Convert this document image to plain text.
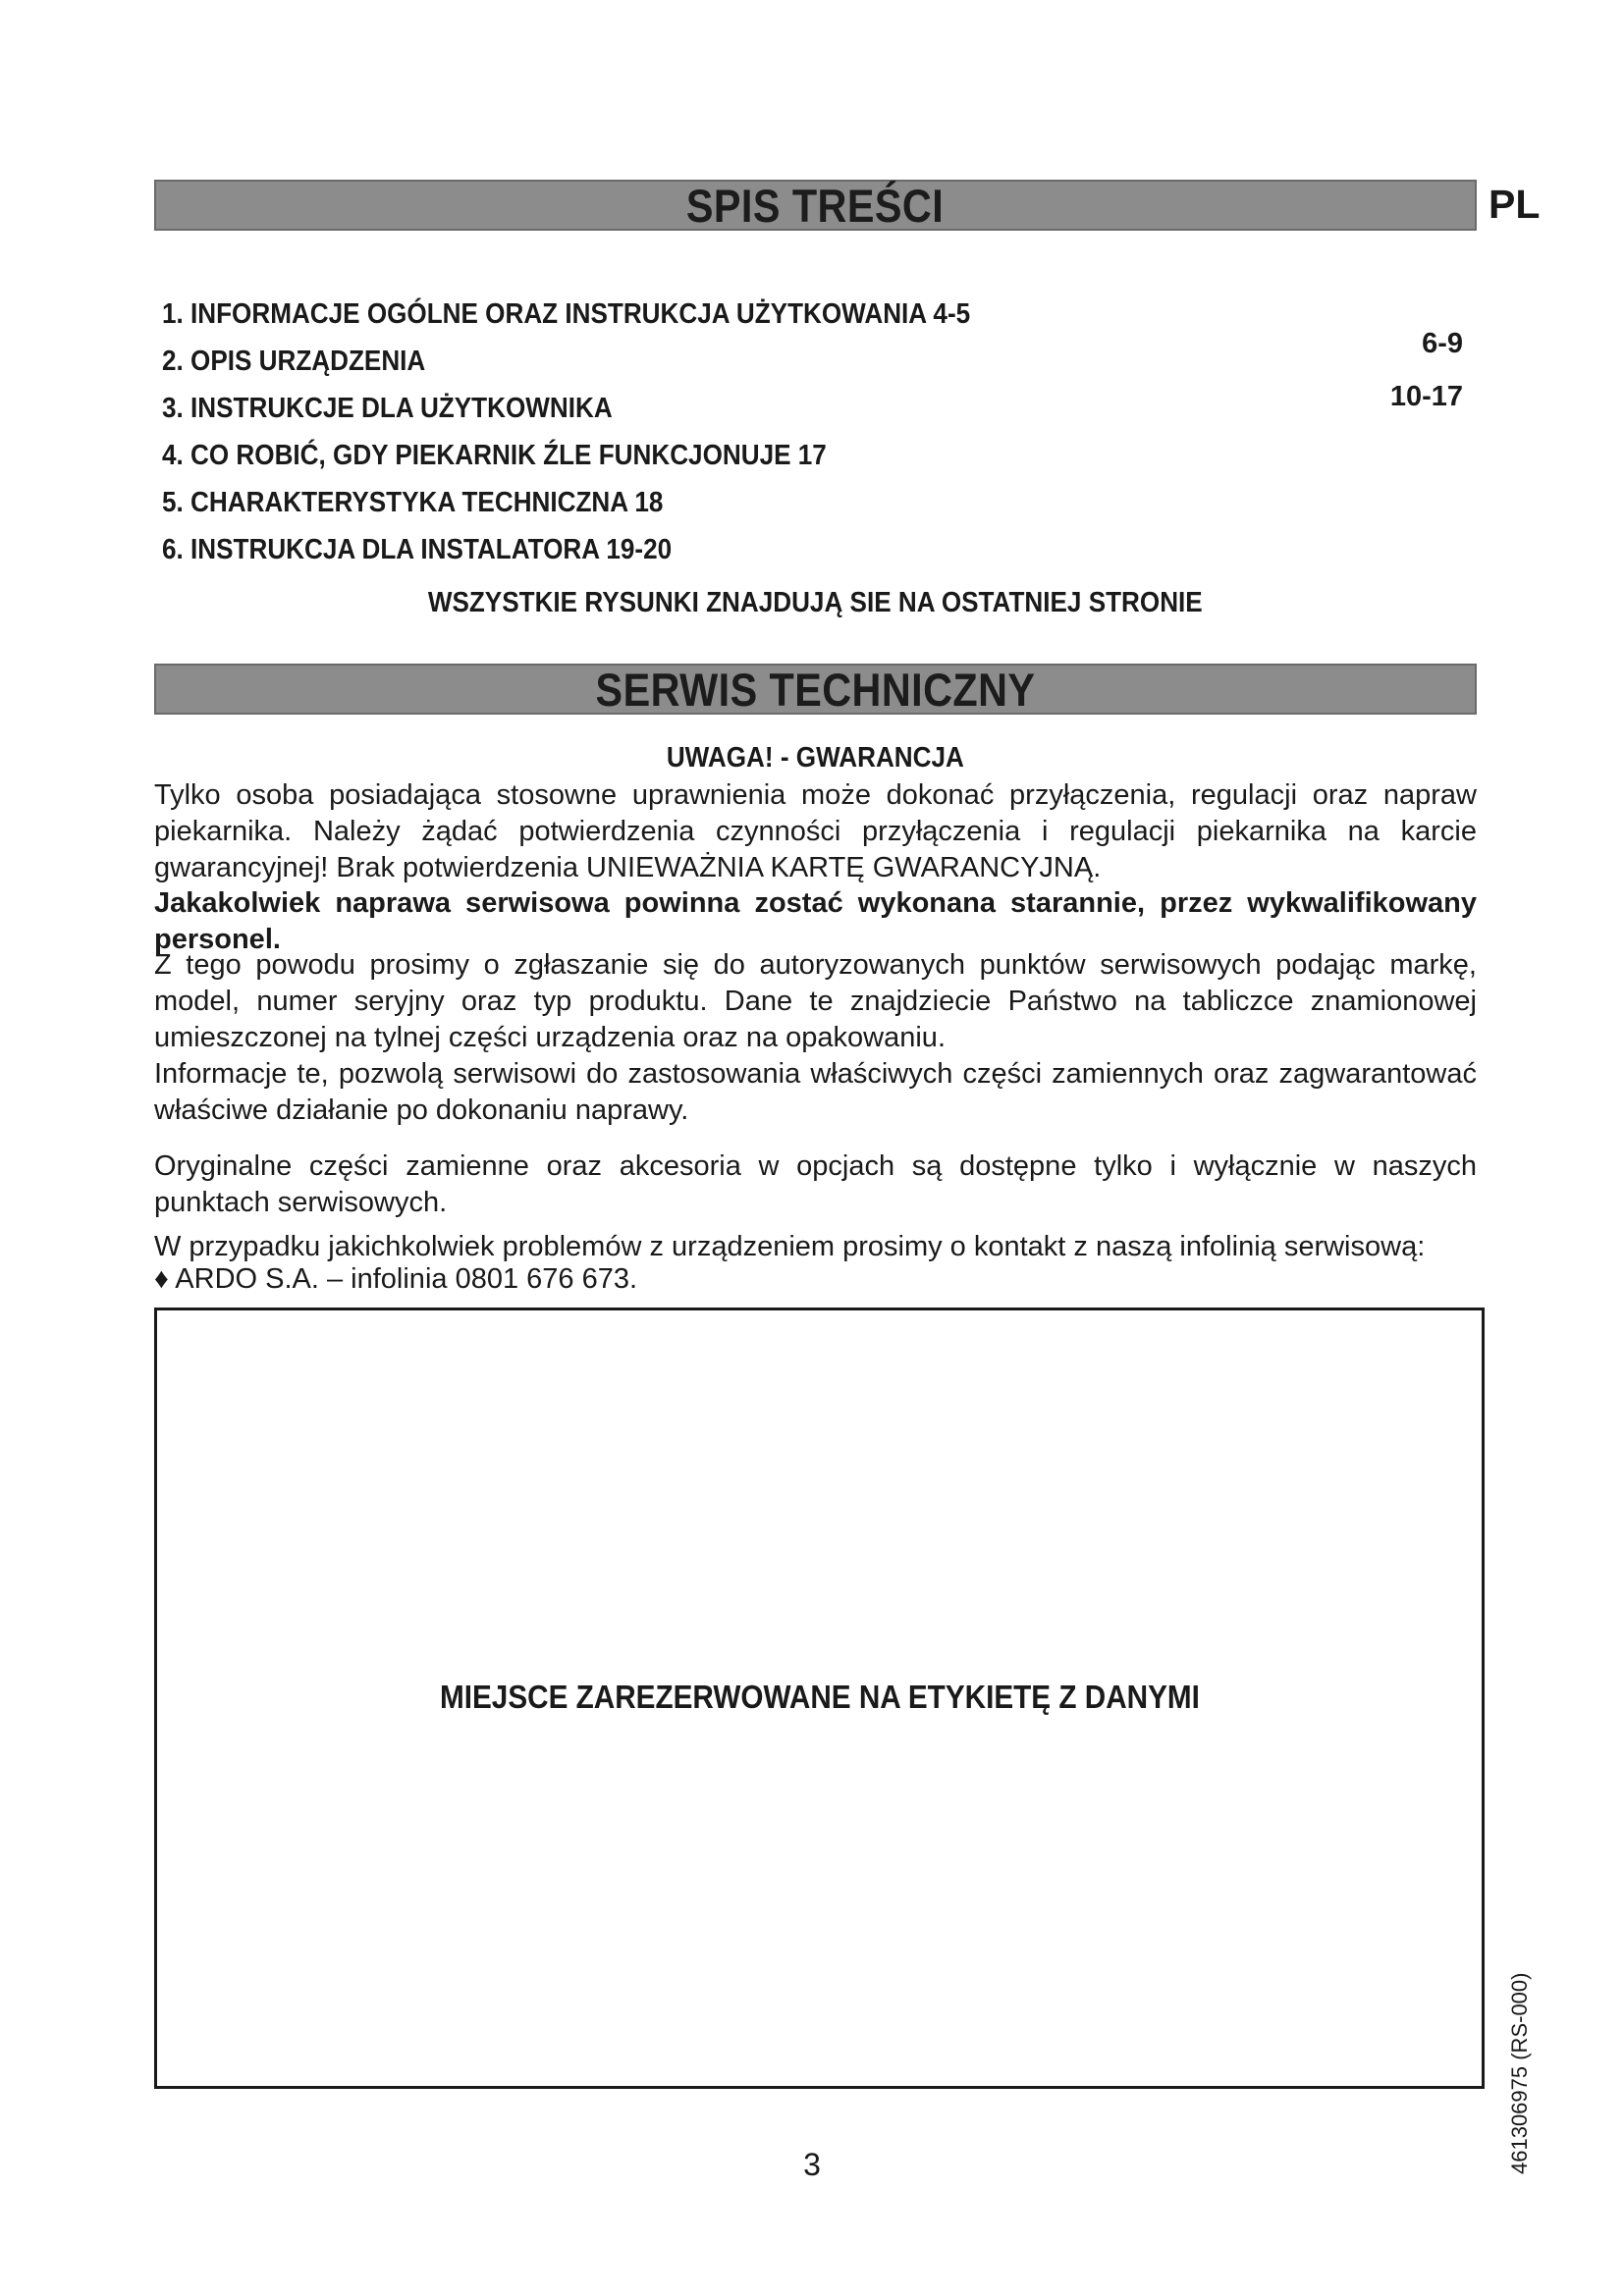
SPIS TREŚCI	PL
1. INFORMACJE OGÓLNE ORAZ INSTRUKCJA UŻYTKOWANIA 4-5
2. OPIS URZĄDZENIA
3. INSTRUKCJE DLA UŻYTKOWNIKA
4. CO ROBIĆ, GDY PIEKARNIK ŹLE FUNKCJONUJE 17
5. CHARAKTERYSTYKA TECHNICZNA 18
6. INSTRUKCJA DLA INSTALATORA 19-20
6-9
10-17
WSZYSTKIE RYSUNKI ZNAJDUJĄ SIE NA OSTATNIEJ STRONIE
SERWIS TECHNICZNY
UWAGA! - GWARANCJA
Tylko osoba posiadająca stosowne uprawnienia może dokonać przyłączenia, regulacji oraz napraw piekarnika. Należy żądać potwierdzenia czynności przyłączenia i regulacji piekarnika na karcie gwarancyjnej! Brak potwierdzenia UNIEWAŻNIA KARTĘ GWARANCYJNĄ.
Jakakolwiek naprawa serwisowa powinna zostać wykonana starannie, przez wykwalifikowany personel.
Z tego powodu prosimy o zgłaszanie się do autoryzowanych punktów serwisowych podając markę, model, numer seryjny oraz typ produktu. Dane te znajdziecie Państwo na tabliczce znamionowej umieszczonej na tylnej części urządzenia oraz na opakowaniu.
Informacje te, pozwolą serwisowi do zastosowania właściwych części zamiennych oraz zagwarantować właściwe działanie po dokonaniu naprawy.
Oryginalne części zamienne oraz akcesoria w opcjach są dostępne tylko i wyłącznie w naszych punktach serwisowych.
W przypadku jakichkolwiek problemów z urządzeniem prosimy o kontakt z naszą infolinią serwisową:
♦ ARDO S.A. – infolinia 0801 676 673.
MIEJSCE ZAREZERWOWANE NA ETYKIETĘ Z DANYMI
3	461306975 (RS-000)
